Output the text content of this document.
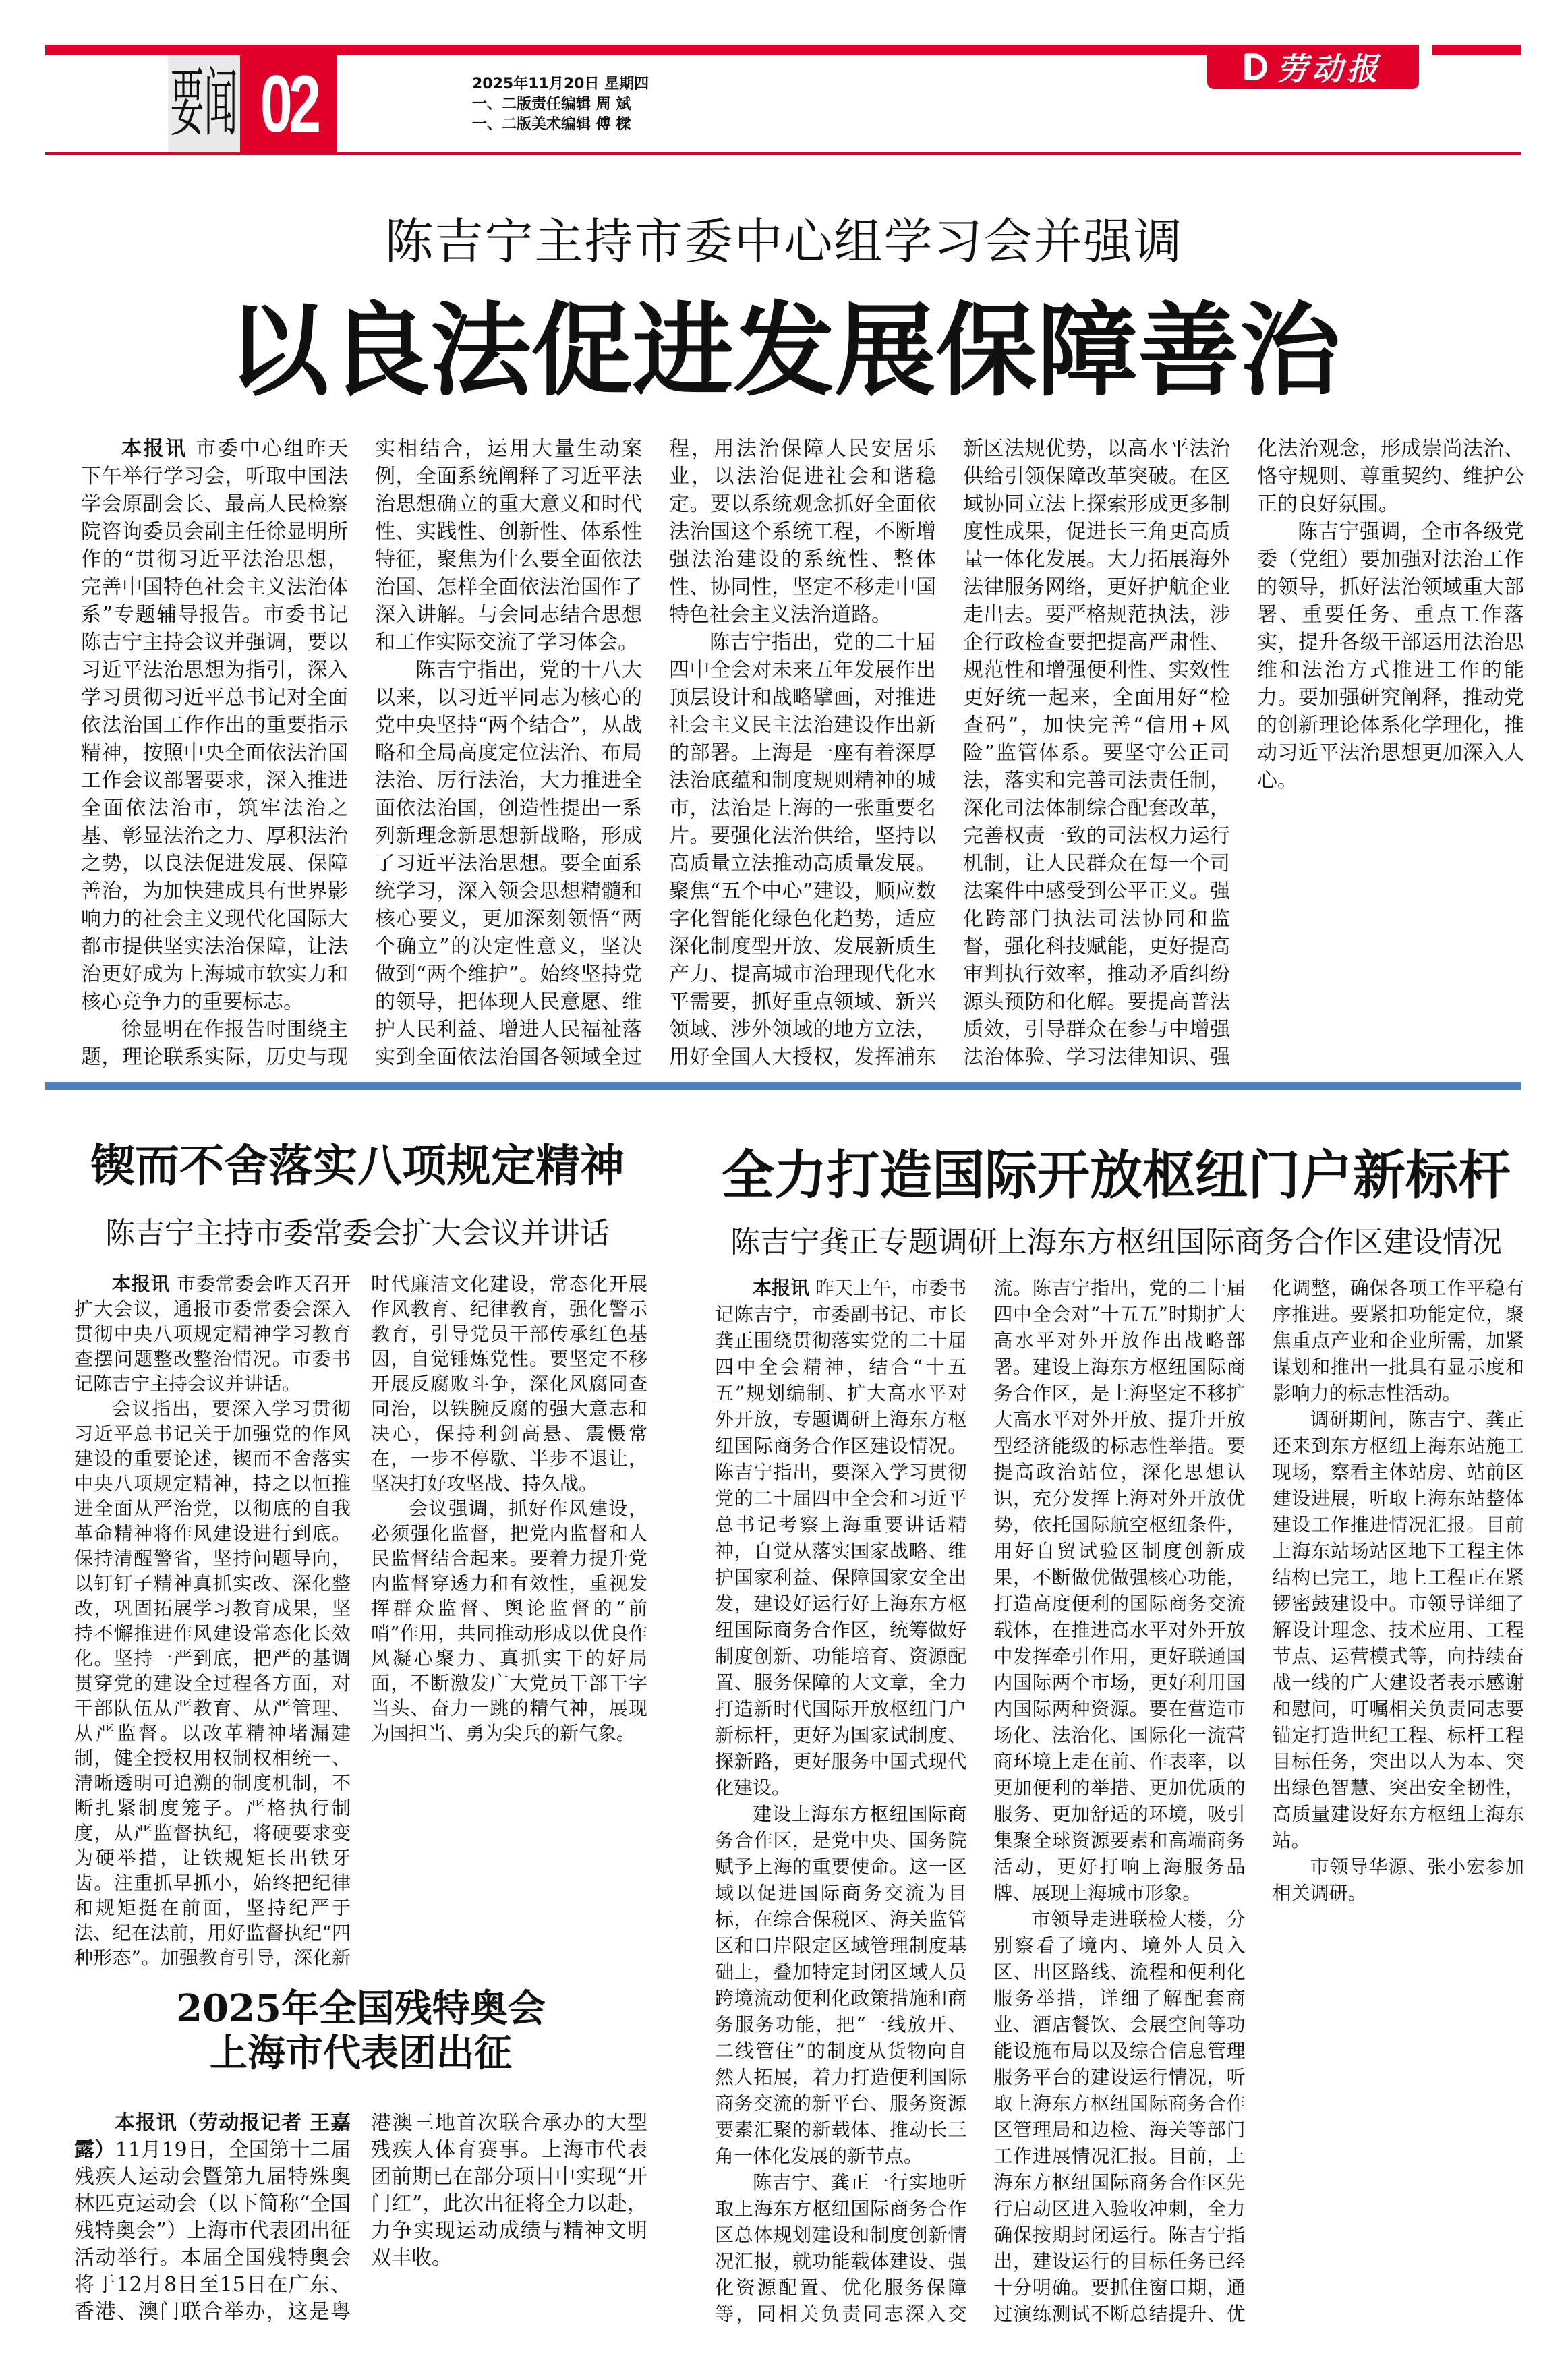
劳动报
要闻 02	2025年11月20日 星期四
一、二版责任编辑 周 斌
一、二版美术编辑 傅 樑
陈吉宁主持市委中心组学习会并强调
以良法促进发展保障善治

本报讯 市委中心组昨天下午举行学习会，听取中国法学会原副会长、最高人民检察院咨询委员会副主任徐显明所作的“贯彻习近平法治思想，完善中国特色社会主义法治体系”专题辅导报告。市委书记陈吉宁主持会议并强调，要以习近平法治思想为指引，深入学习贯彻习近平总书记对全面依法治国工作作出的重要指示精神，按照中央全面依法治国工作会议部署要求，深入推进全面依法治市，筑牢法治之基、彰显法治之力、厚积法治之势，以良法促进发展、保障善治，为加快建成具有世界影响力的社会主义现代化国际大都市提供坚实法治保障，让法治更好成为上海城市软实力和核心竞争力的重要标志。

徐显明在作报告时围绕主题，理论联系实际，历史与现实相结合，运用大量生动案例，全面系统阐释了习近平法治思想确立的重大意义和时代性、实践性、创新性、体系性特征，聚焦为什么要全面依法治国、怎样全面依法治国作了深入讲解。与会同志结合思想和工作实际交流了学习体会。

陈吉宁指出，党的十八大以来，以习近平同志为核心的党中央坚持“两个结合”，从战略和全局高度定位法治、布局法治、厉行法治，大力推进全面依法治国，创造性提出一系列新理念新思想新战略，形成了习近平法治思想。要全面系统学习，深入领会思想精髓和核心要义，更加深刻领悟“两个确立”的决定性意义，坚决做到“两个维护”。始终坚持党的领导，把体现人民意愿、维护人民利益、增进人民福祉落实到全面依法治国各领域全过程，用法治保障人民安居乐业，以法治促进社会和谐稳定。要以系统观念抓好全面依法治国这个系统工程，不断增强法治建设的系统性、整体性、协同性，坚定不移走中国特色社会主义法治道路。

陈吉宁指出，党的二十届四中全会对未来五年发展作出顶层设计和战略擘画，对推进社会主义民主法治建设作出新的部署。上海是一座有着深厚法治底蕴和制度规则精神的城市，法治是上海的一张重要名片。要强化法治供给，坚持以高质量立法推动高质量发展。聚焦“五个中心”建设，顺应数字化智能化绿色化趋势，适应深化制度型开放、发展新质生产力、提高城市治理现代化水平需要，抓好重点领域、新兴领域、涉外领域的地方立法，用好全国人大授权，发挥浦东新区法规优势，以高水平法治供给引领保障改革突破。在区域协同立法上探索形成更多制度性成果，促进长三角更高质量一体化发展。大力拓展海外法律服务网络，更好护航企业走出去。要严格规范执法，涉企行政检查要把提高严肃性、规范性和增强便利性、实效性更好统一起来，全面用好“检查码”，加快完善“信用+风险”监管体系。要坚守公正司法，落实和完善司法责任制，深化司法体制综合配套改革，完善权责一致的司法权力运行机制，让人民群众在每一个司法案件中感受到公平正义。强化跨部门执法司法协同和监督，强化科技赋能，更好提高审判执行效率，推动矛盾纠纷源头预防和化解。要提高普法质效，引导群众在参与中增强法治体验、学习法律知识、强化法治观念，形成崇尚法治、恪守规则、尊重契约、维护公正的良好氛围。

陈吉宁强调，全市各级党委（党组）要加强对法治工作的领导，抓好法治领域重大部署、重要任务、重点工作落实，提升各级干部运用法治思维和法治方式推进工作的能力。要加强研究阐释，推动党的创新理论体系化学理化，推动习近平法治思想更加深入人心。

锲而不舍落实八项规定精神
陈吉宁主持市委常委会扩大会议并讲话

本报讯 市委常委会昨天召开扩大会议，通报市委常委会深入贯彻中央八项规定精神学习教育查摆问题整改整治情况。市委书记陈吉宁主持会议并讲话。

会议指出，要深入学习贯彻习近平总书记关于加强党的作风建设的重要论述，锲而不舍落实中央八项规定精神，持之以恒推进全面从严治党，以彻底的自我革命精神将作风建设进行到底。保持清醒警省，坚持问题导向，以钉钉子精神真抓实改、深化整改，巩固拓展学习教育成果，坚持不懈推进作风建设常态化长效化。坚持一严到底，把严的基调贯穿党的建设全过程各方面，对干部队伍从严教育、从严管理、从严监督。以改革精神堵漏建制，健全授权用权制权相统一、清晰透明可追溯的制度机制，不断扎紧制度笼子。严格执行制度，从严监督执纪，将硬要求变为硬举措，让铁规矩长出铁牙齿。注重抓早抓小，始终把纪律和规矩挺在前面，坚持纪严于法、纪在法前，用好监督执纪“四种形态”。加强教育引导，深化新时代廉洁文化建设，常态化开展作风教育、纪律教育，强化警示教育，引导党员干部传承红色基因，自觉锤炼党性。要坚定不移开展反腐败斗争，深化风腐同查同治，以铁腕反腐的强大意志和决心，保持利剑高悬、震慑常在，一步不停歇、半步不退让，坚决打好攻坚战、持久战。

会议强调，抓好作风建设，必须强化监督，把党内监督和人民监督结合起来。要着力提升党内监督穿透力和有效性，重视发挥群众监督、舆论监督的“前哨”作用，共同推动形成以优良作风凝心聚力、真抓实干的好局面，不断激发广大党员干部干字当头、奋力一跳的精气神，展现为国担当、勇为尖兵的新气象。

2025年全国残特奥会
上海市代表团出征

本报讯（劳动报记者 王嘉露）11月19日，全国第十二届残疾人运动会暨第九届特殊奥林匹克运动会（以下简称“全国残特奥会”）上海市代表团出征活动举行。本届全国残特奥会将于12月8日至15日在广东、香港、澳门联合举办，这是粤港澳三地首次联合承办的大型残疾人体育赛事。上海市代表团前期已在部分项目中实现“开门红”，此次出征将全力以赴，力争实现运动成绩与精神文明双丰收。

全力打造国际开放枢纽门户新标杆
陈吉宁龚正专题调研上海东方枢纽国际商务合作区建设情况

本报讯 昨天上午，市委书记陈吉宁，市委副书记、市长龚正围绕贯彻落实党的二十届四中全会精神，结合“十五五”规划编制、扩大高水平对外开放，专题调研上海东方枢纽国际商务合作区建设情况。陈吉宁指出，要深入学习贯彻党的二十届四中全会和习近平总书记考察上海重要讲话精神，自觉从落实国家战略、维护国家利益、保障国家安全出发，建设好运行好上海东方枢纽国际商务合作区，统筹做好制度创新、功能培育、资源配置、服务保障的大文章，全力打造新时代国际开放枢纽门户新标杆，更好为国家试制度、探新路，更好服务中国式现代化建设。

建设上海东方枢纽国际商务合作区，是党中央、国务院赋予上海的重要使命。这一区域以促进国际商务交流为目标，在综合保税区、海关监管区和口岸限定区域管理制度基础上，叠加特定封闭区域人员跨境流动便利化政策措施和商务服务功能，把“一线放开、二线管住”的制度从货物向自然人拓展，着力打造便利国际商务交流的新平台、服务资源要素汇聚的新载体、推动长三角一体化发展的新节点。

陈吉宁、龚正一行实地听取上海东方枢纽国际商务合作区总体规划建设和制度创新情况汇报，就功能载体建设、强化资源配置、优化服务保障等，同相关负责同志深入交流。陈吉宁指出，党的二十届四中全会对“十五五”时期扩大高水平对外开放作出战略部署。建设上海东方枢纽国际商务合作区，是上海坚定不移扩大高水平对外开放、提升开放型经济能级的标志性举措。要提高政治站位，深化思想认识，充分发挥上海对外开放优势，依托国际航空枢纽条件，用好自贸试验区制度创新成果，不断做优做强核心功能，打造高度便利的国际商务交流载体，在推进高水平对外开放中发挥牵引作用，更好联通国内国际两个市场，更好利用国内国际两种资源。要在营造市场化、法治化、国际化一流营商环境上走在前、作表率，以更加便利的举措、更加优质的服务、更加舒适的环境，吸引集聚全球资源要素和高端商务活动，更好打响上海服务品牌、展现上海城市形象。

市领导走进联检大楼，分别察看了境内、境外人员入区、出区路线、流程和便利化服务举措，详细了解配套商业、酒店餐饮、会展空间等功能设施布局以及综合信息管理服务平台的建设运行情况，听取上海东方枢纽国际商务合作区管理局和边检、海关等部门工作进展情况汇报。目前，上海东方枢纽国际商务合作区先行启动区进入验收冲刺，全力确保按期封闭运行。陈吉宁指出，建设运行的目标任务已经十分明确。要抓住窗口期，通过演练测试不断总结提升、优化调整，确保各项工作平稳有序推进。要紧扣功能定位，聚焦重点产业和企业所需，加紧谋划和推出一批具有显示度和影响力的标志性活动。

调研期间，陈吉宁、龚正还来到东方枢纽上海东站施工现场，察看主体站房、站前区建设进展，听取上海东站整体建设工作推进情况汇报。目前上海东站场站区地下工程主体结构已完工，地上工程正在紧锣密鼓建设中。市领导详细了解设计理念、技术应用、工程节点、运营模式等，向持续奋战一线的广大建设者表示感谢和慰问，叮嘱相关负责同志要锚定打造世纪工程、标杆工程目标任务，突出以人为本、突出绿色智慧、突出安全韧性，高质量建设好东方枢纽上海东站。

市领导华源、张小宏参加相关调研。
